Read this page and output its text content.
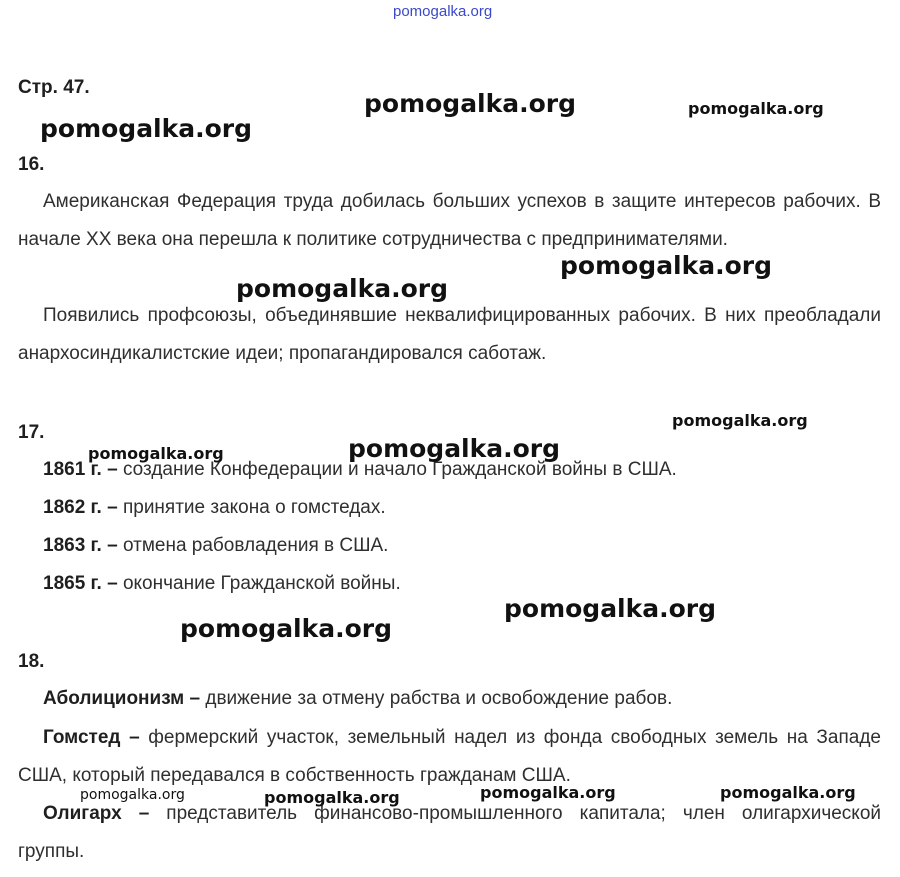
pomogalka.org
Стр. 47.
16.
Американская Федерация труда добилась больших успехов в защите интересов рабочих. В начале XX века она перешла к политике сотрудничества с предпринимателями.
Появились профсоюзы, объединявшие неквалифицированных рабочих. В них преобладали анархосиндикалистские идеи; пропагандировался саботаж.
17.
1861 г. – создание Конфедерации и начало Гражданской войны в США.
1862 г. – принятие закона о гомстедах.
1863 г. – отмена рабовладения в США.
1865 г. – окончание Гражданской войны.
18.
Аболиционизм – движение за отмену рабства и освобождение рабов.
Гомстед – фермерский участок, земельный надел из фонда свободных земель на Западе США, который передавался в собственность гражданам США.
Олигарх – представитель финансово-промышленного капитала; член олигархической группы.
pomogalka.org	pomogalka.org
pomogalka.org
pomogalka.org
pomogalka.org
pomogalka.org
pomogalka.org	pomogalka.org
pomogalka.org
pomogalka.org
pomogalka.org	pomogalka.org	pomogalka.org
pomogalka.org
